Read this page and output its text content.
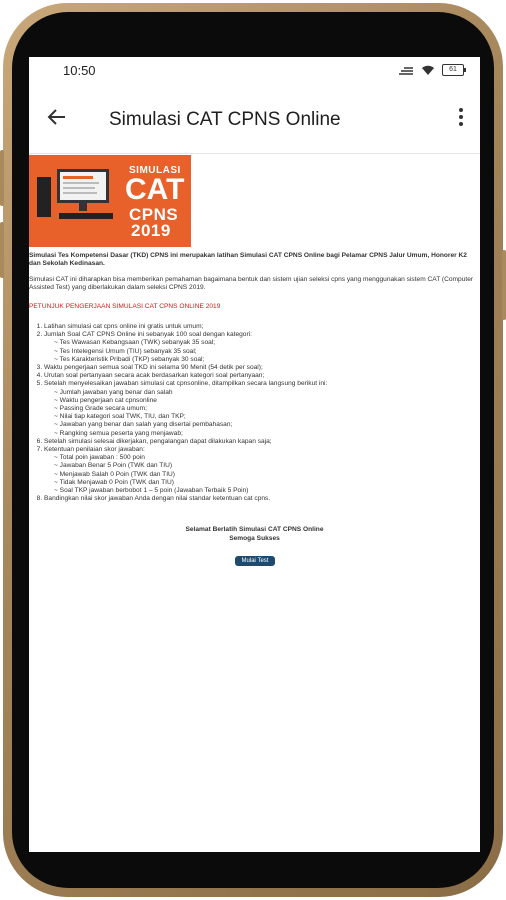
10:50	61
Simulasi CAT CPNS Online
SIMULASI
CAT
CPNS
2019
Simulasi Tes Kompetensi Dasar (TKD) CPNS ini merupakan latihan Simulasi CAT CPNS Online bagi Pelamar CPNS Jalur Umum, Honorer K2 dan Sekolah Kedinasan.
Simulasi CAT ini diharapkan bisa memberikan pemahaman bagaimana bentuk dan sistem ujian seleksi cpns yang menggunakan sistem CAT (Computer Assisted Test) yang diberlakukan dalam seleksi CPNS 2019.
PETUNJUK PENGERJAAN SIMULASI CAT CPNS ONLINE 2019
1. Latihan simulasi cat cpns online ini gratis untuk umum;
2. Jumlah Soal CAT CPNS Online ini sebanyak 100 soal dengan kategori:
~ Tes Wawasan Kebangsaan (TWK) sebanyak 35 soal;
~ Tes Intelegensi Umum (TIU) sebanyak 35 soal;
~ Tes Karakteristik Pribadi (TKP) sebanyak 30 soal;
3. Waktu pengerjaan semua soal TKD ini selama 90 Menit (54 detik per soal);
4. Urutan soal pertanyaan secara acak berdasarkan kategori soal pertanyaan;
5. Setelah menyelesaikan jawaban simulasi cat cpnsonline, ditampilkan secara langsung berikut ini:
~ Jumlah jawaban yang benar dan salah
~ Waktu pengerjaan cat cpnsonline
~ Passing Grade secara umum;
~ Nilai tiap kategori soal TWK, TIU, dan TKP;
~ Jawaban yang benar dan salah yang disertai pembahasan;
~ Rangking semua peserta yang menjawab;
6. Setelah simulasi selesai dikerjakan, pengalangan dapat dilakukan kapan saja;
7. Ketentuan penilaian skor jawaban:
~ Total poin jawaban : 500 poin
~ Jawaban Benar 5 Poin (TWK dan TIU)
~ Menjawab Salah 0 Poin (TWK dan TIU)
~ Tidak Menjawab 0 Poin (TWK dan TIU)
~ Soal TKP jawaban berbobot 1 – 5 poin (Jawaban Terbaik 5 Poin)
8. Bandingkan nilai skor jawaban Anda dengan nilai standar ketentuan cat cpns.
Selamat Berlatih Simulasi CAT CPNS Online
Semoga Sukses
Mulai Test
